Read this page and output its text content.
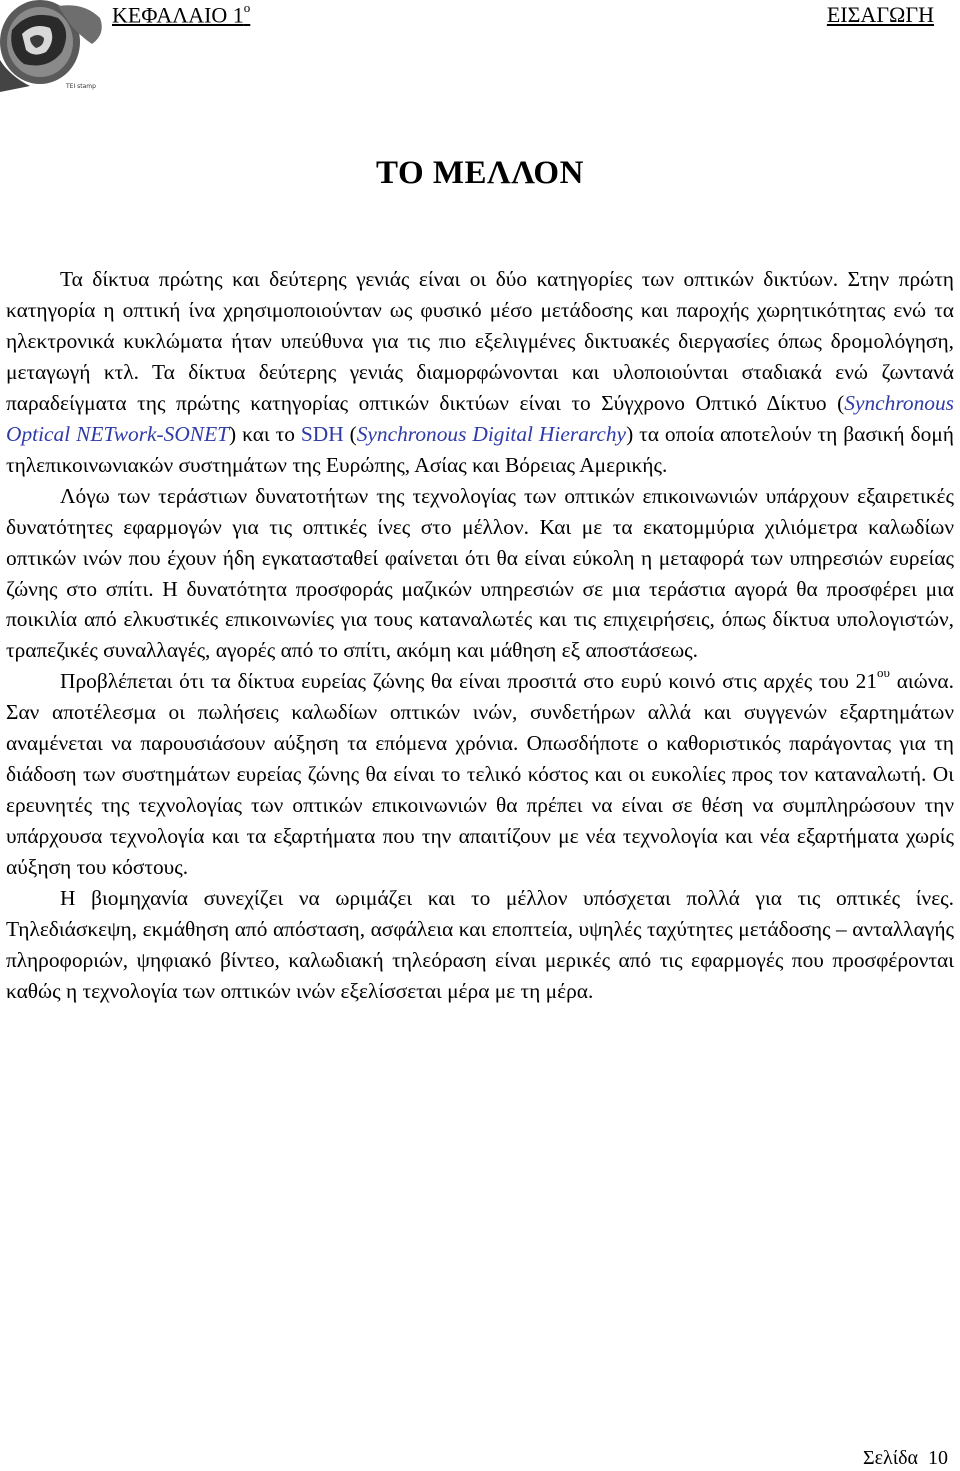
TEI stamp
ΚΕΦΑΛΑΙΟ $1^o$	ΕΙΣΑΓΩΓΗ
ΤΟ ΜΕΛΛΟΝ

Τα δίκτυα πρώτης και δεύτερης γενιάς είναι οι δύο κατηγορίες των οπτικών δικτύων. Στην πρώτη κατηγορία η οπτική ίνα χρησιμοποιούνταν ως φυσικό μέσο μετάδοσης και παροχής χωρητικότητας ενώ τα ηλεκτρονικά κυκλώματα ήταν υπεύθυνα για τις πιο εξελιγμένες δικτυακές διεργασίες όπως δρομολόγηση, μεταγωγή κτλ. Τα δίκτυα δεύτερης γενιάς διαμορφώνονται και υλοποιούνται σταδιακά ενώ ζωντανά παραδείγματα της πρώτης κατηγορίας οπτικών δικτύων είναι το Σύγχρονο Οπτικό Δίκτυο (Synchronous Optical NETwork-SONET) και το SDH (Synchronous Digital Hierarchy) τα οποία αποτελούν τη βασική δομή τηλεπικοινωνιακών συστημάτων της Ευρώπης, Ασίας και Βόρειας Αμερικής.

Λόγω των τεράστιων δυνατοτήτων της τεχνολογίας των οπτικών επικοινωνιών υπάρχουν εξαιρετικές δυνατότητες εφαρμογών για τις οπτικές ίνες στο μέλλον. Και με τα εκατομμύρια χιλιόμετρα καλωδίων οπτικών ινών που έχουν ήδη εγκατασταθεί φαίνεται ότι θα είναι εύκολη η μεταφορά των υπηρεσιών ευρείας ζώνης στο σπίτι. Η δυνατότητα προσφοράς μαζικών υπηρεσιών σε μια τεράστια αγορά θα προσφέρει μια ποικιλία από ελκυστικές επικοινωνίες για τους καταναλωτές και τις επιχειρήσεις, όπως δίκτυα υπολογιστών, τραπεζικές συναλλαγές, αγορές από το σπίτι, ακόμη και μάθηση εξ αποστάσεως.

Προβλέπεται ότι τα δίκτυα ευρείας ζώνης θα είναι προσιτά στο ευρύ κοινό στις αρχές του $21^{o\upsilon}$ αιώνα. Σαν αποτέλεσμα οι πωλήσεις καλωδίων οπτικών ινών, συνδετήρων αλλά και συγγενών εξαρτημάτων αναμένεται να παρουσιάσουν αύξηση τα επόμενα χρόνια. Οπωσδήποτε ο καθοριστικός παράγοντας για τη διάδοση των συστημάτων ευρείας ζώνης θα είναι το τελικό κόστος και οι ευκολίες προς τον καταναλωτή. Οι ερευνητές της τεχνολογίας των οπτικών επικοινωνιών θα πρέπει να είναι σε θέση να συμπληρώσουν την υπάρχουσα τεχνολογία και τα εξαρτήματα που την απαιτίζουν με νέα τεχνολογία και νέα εξαρτήματα χωρίς αύξηση του κόστους.

Η βιομηχανία συνεχίζει να ωριμάζει και το μέλλον υπόσχεται πολλά για τις οπτικές ίνες. Τηλεδιάσκεψη, εκμάθηση από απόσταση, ασφάλεια και εποπτεία, υψηλές ταχύτητες μετάδοσης – ανταλλαγής πληροφοριών, ψηφιακό βίντεο, καλωδιακή τηλεόραση είναι μερικές από τις εφαρμογές που προσφέρονται καθώς η τεχνολογία των οπτικών ινών εξελίσσεται μέρα με τη μέρα.

Σελίδα 10
